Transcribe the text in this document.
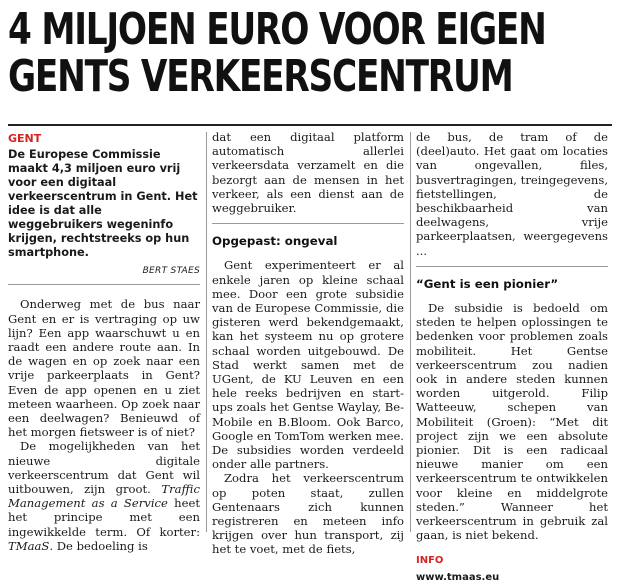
4 MILJOEN EURO VOOR EIGEN
GENTS VERKEERSCENTRUM
GENT

De Europese Commissie maakt 4,3 miljoen euro vrij voor een digitaal verkeerscentrum in Gent. Het idee is dat alle weggebruikers wegeninfo krijgen, rechtstreeks op hun smartphone.

BERT STAES

Onderweg met de bus naar Gent en er is vertraging op uw lijn? Een app waarschuwt u en raadt een andere route aan. In de wagen en op zoek naar een vrije parkeerplaats in Gent? Even de app openen en u ziet meteen waarheen. Op zoek naar een deelwagen? Benieuwd of het morgen fietsweer is of niet?

De mogelijkheden van het nieuwe digitale verkeerscentrum dat Gent wil uitbouwen, zijn groot. Traffic Management as a Service heet het principe met een ingewikkelde term. Of korter: TMaaS. De bedoeling is

dat een digitaal platform automatisch allerlei verkeersdata verzamelt en die bezorgt aan de mensen in het verkeer, als een dienst aan de weggebruiker.

Opgepast: ongeval

Gent experimenteert er al enkele jaren op kleine schaal mee. Door een grote subsidie van de Europese Commissie, die gisteren werd bekendgemaakt, kan het systeem nu op grotere schaal worden uitgebouwd. De Stad werkt samen met de UGent, de KU Leuven en een hele reeks bedrijven en start-ups zoals het Gentse Waylay, Be-Mobile en B.Bloom. Ook Barco, Google en TomTom werken mee. De subsidies worden verdeeld onder alle partners.

Zodra het verkeerscentrum op poten staat, zullen Gentenaars zich kunnen registreren en meteen info krijgen over hun transport, zij het te voet, met de fiets,

de bus, de tram of de (deel)auto. Het gaat om locaties van ongevallen, files, busvertragingen, treingegevens, fietstellingen, de beschikbaarheid van deelwagens, vrije parkeerplaatsen, weergegevens ...

“Gent is een pionier”

De subsidie is bedoeld om steden te helpen oplossingen te bedenken voor problemen zoals mobiliteit. Het Gentse verkeerscentrum zou nadien ook in andere steden kunnen worden uitgerold. Filip Watteeuw, schepen van Mobiliteit (Groen): “Met dit project zijn we een absolute pionier. Dit is een radicaal nieuwe manier om een verkeerscentrum te ontwikkelen voor kleine en middelgrote steden.” Wanneer het verkeerscentrum in gebruik zal gaan, is niet bekend.

INFO
www.tmaas.eu
